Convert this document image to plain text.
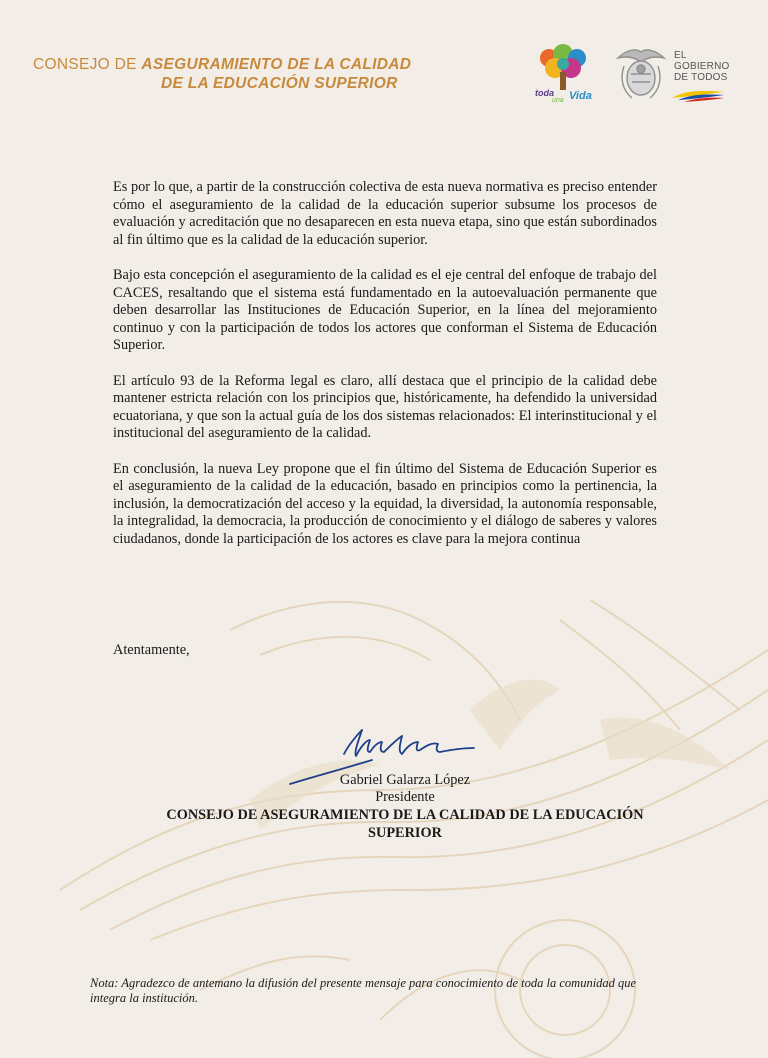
CONSEJO DE ASEGURAMIENTO DE LA CALIDAD
DE LA EDUCACIÓN SUPERIOR
toda
una Vida
EL
GOBIERNO
DE TODOS

Es por lo que, a partir de la construcción colectiva de esta nueva normativa es preciso entender cómo el aseguramiento de la calidad de la educación superior subsume los procesos de evaluación y acreditación que no desaparecen en esta nueva etapa, sino que están subordinados al fin último que es la calidad de la educación superior.

Bajo esta concepción el aseguramiento de la calidad es el eje central del enfoque de trabajo del CACES, resaltando que el sistema está fundamentado en la autoevaluación permanente que deben desarrollar las Instituciones de Educación Superior, en la línea del mejoramiento continuo y con la participación de todos los actores que conforman el Sistema de Educación Superior.

El artículo 93 de la Reforma legal es claro, allí destaca que el principio de la calidad debe mantener estricta relación con los principios que, históricamente, ha defendido la universidad ecuatoriana, y que son la actual guía de los dos sistemas relacionados: El interinstitucional y el institucional del aseguramiento de la calidad.

En conclusión, la nueva Ley propone que el fin último del Sistema de Educación Superior es el aseguramiento de la calidad de la educación, basado en principios como la pertinencia, la inclusión, la democratización del acceso y la equidad, la diversidad, la autonomía responsable, la integralidad, la democracia, la producción de conocimiento y el diálogo de saberes y valores ciudadanos, donde la participación de los actores es clave para la mejora continua

Atentamente,
Gabriel Galarza López
Presidente
CONSEJO DE ASEGURAMIENTO DE LA CALIDAD DE LA EDUCACIÓN SUPERIOR
Nota: Agradezco de antemano la difusión del presente mensaje para conocimiento de toda la comunidad que integra la institución.
